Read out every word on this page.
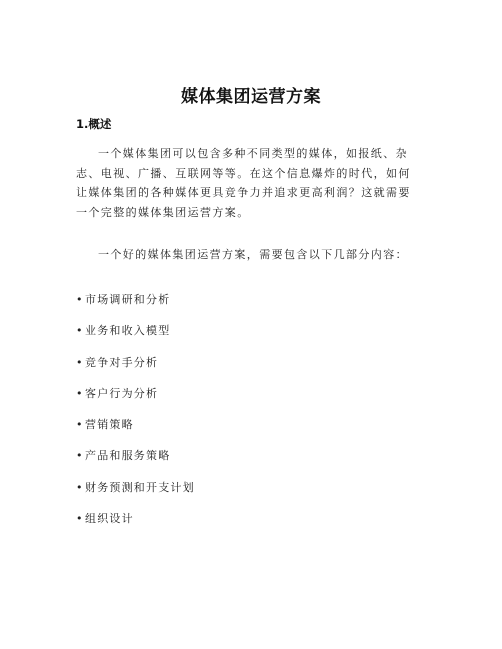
媒体集团运营方案
1.概述

一个媒体集团可以包含多种不同类型的媒体，如报纸、杂志、电视、广播、互联网等等。在这个信息爆炸的时代，如何让媒体集团的各种媒体更具竞争力并追求更高利润？这就需要一个完整的媒体集团运营方案。

一个好的媒体集团运营方案，需要包含以下几部分内容：

•市场调研和分析
•业务和收入模型
•竞争对手分析
•客户行为分析
•营销策略
•产品和服务策略
•财务预测和开支计划
•组织设计
